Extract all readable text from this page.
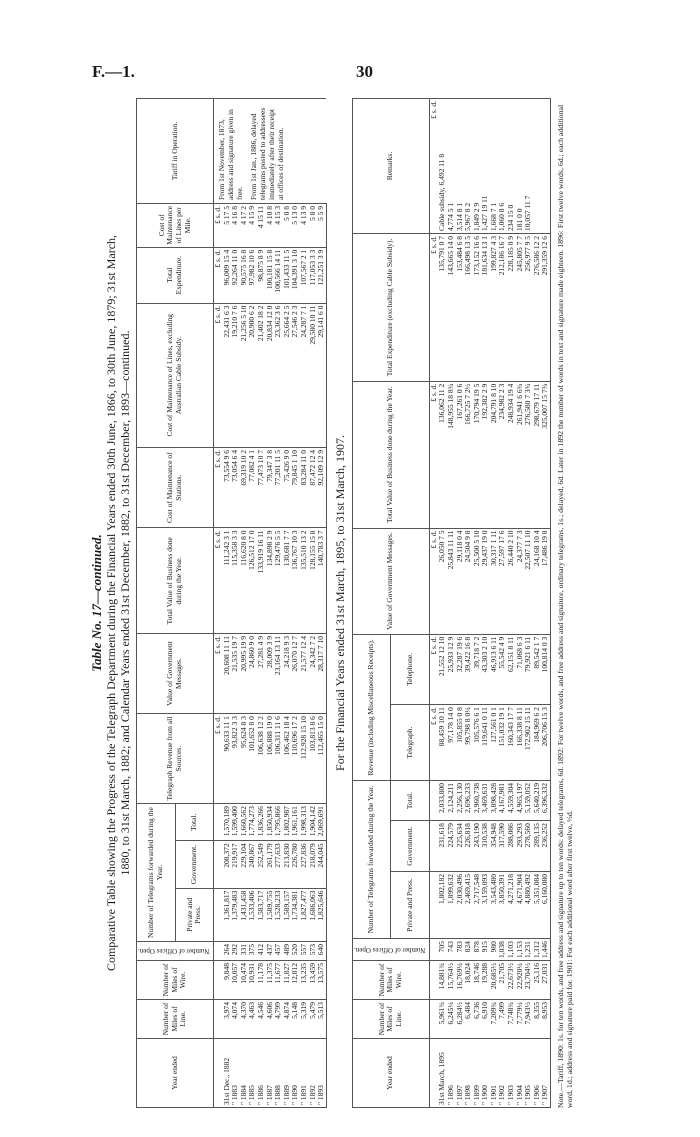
F.—1.	30
Table No. 17—continued. Comparative Table showing the Progress of the Telegraph Department during the Financial Years ended 30th June, 1866, to 30th June, 1879; 31st March, 1880, to 31st March, 1882; and Calendar Years ended 31st December, 1882, to 31st December, 1893—continued.
Year ended	Number of Miles of Line.	Number of Miles of Wire.	Number of Offices Open.	Number of Telegrams forwarded during the Year.			Telegraph Revenue from all Sources.	Value of Government Messages.	Total Value of Business done during the Year.	Cost of Maintenance of Stations.	Cost of Maintenance of Lines, excluding Australian Cable Subsidy.	Total Expenditure.	Cost of Maintenance of Lines per Mile.	Tariff in Operation.
				Private and Press.	Government.	Total.								
							£ s. d.	£ s. d.	£ s. d.	£ s. d.	£ s. d.	£ s. d.	£ s. d.	From 1st November, 1873, address and signature given in free. From 1st Jan., 1886, delayed telegrams posted to addressees immediately after their receipt at offices of destination.

31st Dec., 1882	3,974	9,848	264	1,361,817	208,372	1,570,189	90,633 11 1	20,608 11 11	111,242 3 1	73,554 9 6	22,431 6 3	96,009 15 4	5 17 5	
" 1883	4,074	10,057	292	1,379,483	219,917	1,599,400	93,822 3 3	21,535 19 7	115,358 3 3	73,054 6 4	19,210 7 6	92,264 11 0	4 16 8	
" 1884	4,370	10,474	331	1,431,458	229,104	1,660,562	95,624 8 3	20,995 19 9	116,620 8 0	69,319 10 2	21,256 5 10	90,575 16 8	4 17 2	
" 1885	4,463	10,931	375	1,533,406	240,867	1,774,273	101,652 8 0	24,860 9 0	126,512 17 0	77,082 4 1	20,900 6 2	97,982 10 6	4 15 9	
" 1886	4,546	11,178	412	1,583,717	252,549	1,836,266	106,638 12 2	27,281 4 9	133,919 16 11	77,473 10 7	21,402 18 2	98,875 8 9	4 15 11	
" 1887	4,606	11,375	437	1,589,755	261,179	1,850,934	106,888 19 0	28,009 3 9	134,898 2 9	79,347 3 8	20,834 12 0	100,181 15 8	4 10 8	
" 1888	4,799	11,677	457	1,528,233	277,633	1,795,866	106,311 11 6	23,164 13 11	129,476 5 5	77,201 11 5	23,362 3 6	100,566 14 11	4 15 3	
" 1889	4,874	11,827	489	1,589,157	213,830	1,802,987	106,462 18 4	24,218 9 3	130,681 7 7	75,426 9 0	25,664 2 5	101,433 11 5	5 0 8	
" 1890	5,148	12,812	520	1,734,381	226,780	1,961,161	110,696 17 2	26,070 12 7	136,767 10 3	79,845 1 10	27,546 2 3	104,391 3 10	5 13 0	
" 1891	5,319	13,235	557	1,827,477	227,836	1,998,313	112,928 15 10	21,577 12 4	135,510 13 2	83,284 11 0	24,287 7 1	107,567 2 1	4 13 9	
" 1892	5,479	13,459	573	1,686,063	218,079	1,904,142	103,813 8 6	24,342 7 2	128,155 15 8	87,472 12 4	29,580 10 11	117,053 3 3	5 8 0	
" 1893	5,513	13,575	640	1,825,646	244,045	2,069,691	112,465 15 0	28,317 7 10	140,783 3 7	92,109 12 9	29,141 6 0	121,251 3 9	5 5 9	
For the Financial Years ended 31st March, 1895, to 31st March, 1907.
Year ended	Number of Miles of Line.	Number of Miles of Wire.	Number of Offices Open.	Number of Telegrams forwarded during the Year.			Revenue (including Miscellaneous Receipts).		Value of Government Messages.	Total Value of Business done during the Year.	Total Expenditure (excluding Cable Subsidy).	Remarks.
				Private and Press.	Government.	Total.	Telegraph.	Telephone.				
							£ s. d.	£ s. d.	£ s. d.	£ s. d.	£ s. d.	£ s. d.
31st March, 1895	5,961¾	14,881¾	705	1,802,182	231,618	2,033,800	88,459 10 11	21,552 12 10	26,050 7 5	136,062 11 2	135,791 0 7	Cable subsidy, 6,492 11 8
" 1896	6,245¼	15,764½	743	1,899,632	224,579	2,124,211	97,178 14 0	25,933 12 9	25,843 11 11	148,955 18 8¾	143,665 14 0	4,774 5 1
" 1897	6,284½	16,769¼	783	2,030,496	225,634	2,256,130	105,855 0 8	32,287 19 6	29,118 0 4	167,261 0 6	153,484 6 8	3,514 8 1
" 1898	6,484	18,024	824	2,469,415	226,818	2,696,233	99,798 8 0¼	39,422 16 8	24,504 9 8	166,725 7 2½	166,498 13 5	5,967 8 2
" 1899	6,736	18,746	878	2,717,548	243,190	2,960,738	105,576 6 1	39,718 7 2	25,500 5 10	170,794 19 5	173,152 16 6	1,849 2 9
" 1900	6,910	19,288	915	3,159,093	310,538	3,469,631	119,641 0 11	43,303 2 10	29,437 19 0	192,382 2 9	181,634 13 1	1,427 19 11
" 1901	7,209¾	20,685½	980	3,543,480	354,948	3,898,428	127,561 0 1	46,913 6 11	30,317 1 11	204,791 8 10	199,827 4 3	1,668 7 1
" 1902	7,499	21,705	1,038	3,850,391	317,590	4,167,981	151,032 19 1	55,542 4 9	27,597 17 6	234,982 2 3	212,186 16 7	1,060 8 6
" 1903	7,748¾	22,673½	1,103	4,271,218	288,086	4,559,304	160,343 17 7	62,151 8 11	26,440 2 10	248,934 19 4	228,185 0 9	234 15 0
" 1904	7,779¼	22,920¼	1,153	4,671,904	293,293	4,965,197	166,338 8 11	71,068 6 3	24,377 7 3	261,941 6 6¾	245,805 7 7	181 0 0
" 1905	7,943½	23,704½	1,231	4,880,492	278,560	5,159,052	172,902 15 11	79,921 6 11	22,507 11 10	276,580 7 3¾	256,977 9 5	10,057 11 7
" 1906	8,355	25,116	1,312	5,351,084	289,135	5,640,219	184,969 6 2	89,542 1 7	24,168 10 4	298,679 17 11	276,586 12 2	
" 1907	8,953	27,031	1,446	6,160,080	236,252	6,396,332	206,706 15 3	100,814 0 3	17,486 19 8	325,007 15 7¾	291,359 12 6	Note.—Tariff, 1890: 1s. for ten words, and free address and signature up to ten words: delayed telegrams, 6d. 1892: For twelve words, and free address and signature, ordinary telegrams, 1s.; delayed, 6d. Later in 1892 the number of words in text and signature made eighteen. 1896: First twelve words, 6d.; each additional word, 1d.; address and signature paid for. 1901: For each additional word after first twelve, ½d.
